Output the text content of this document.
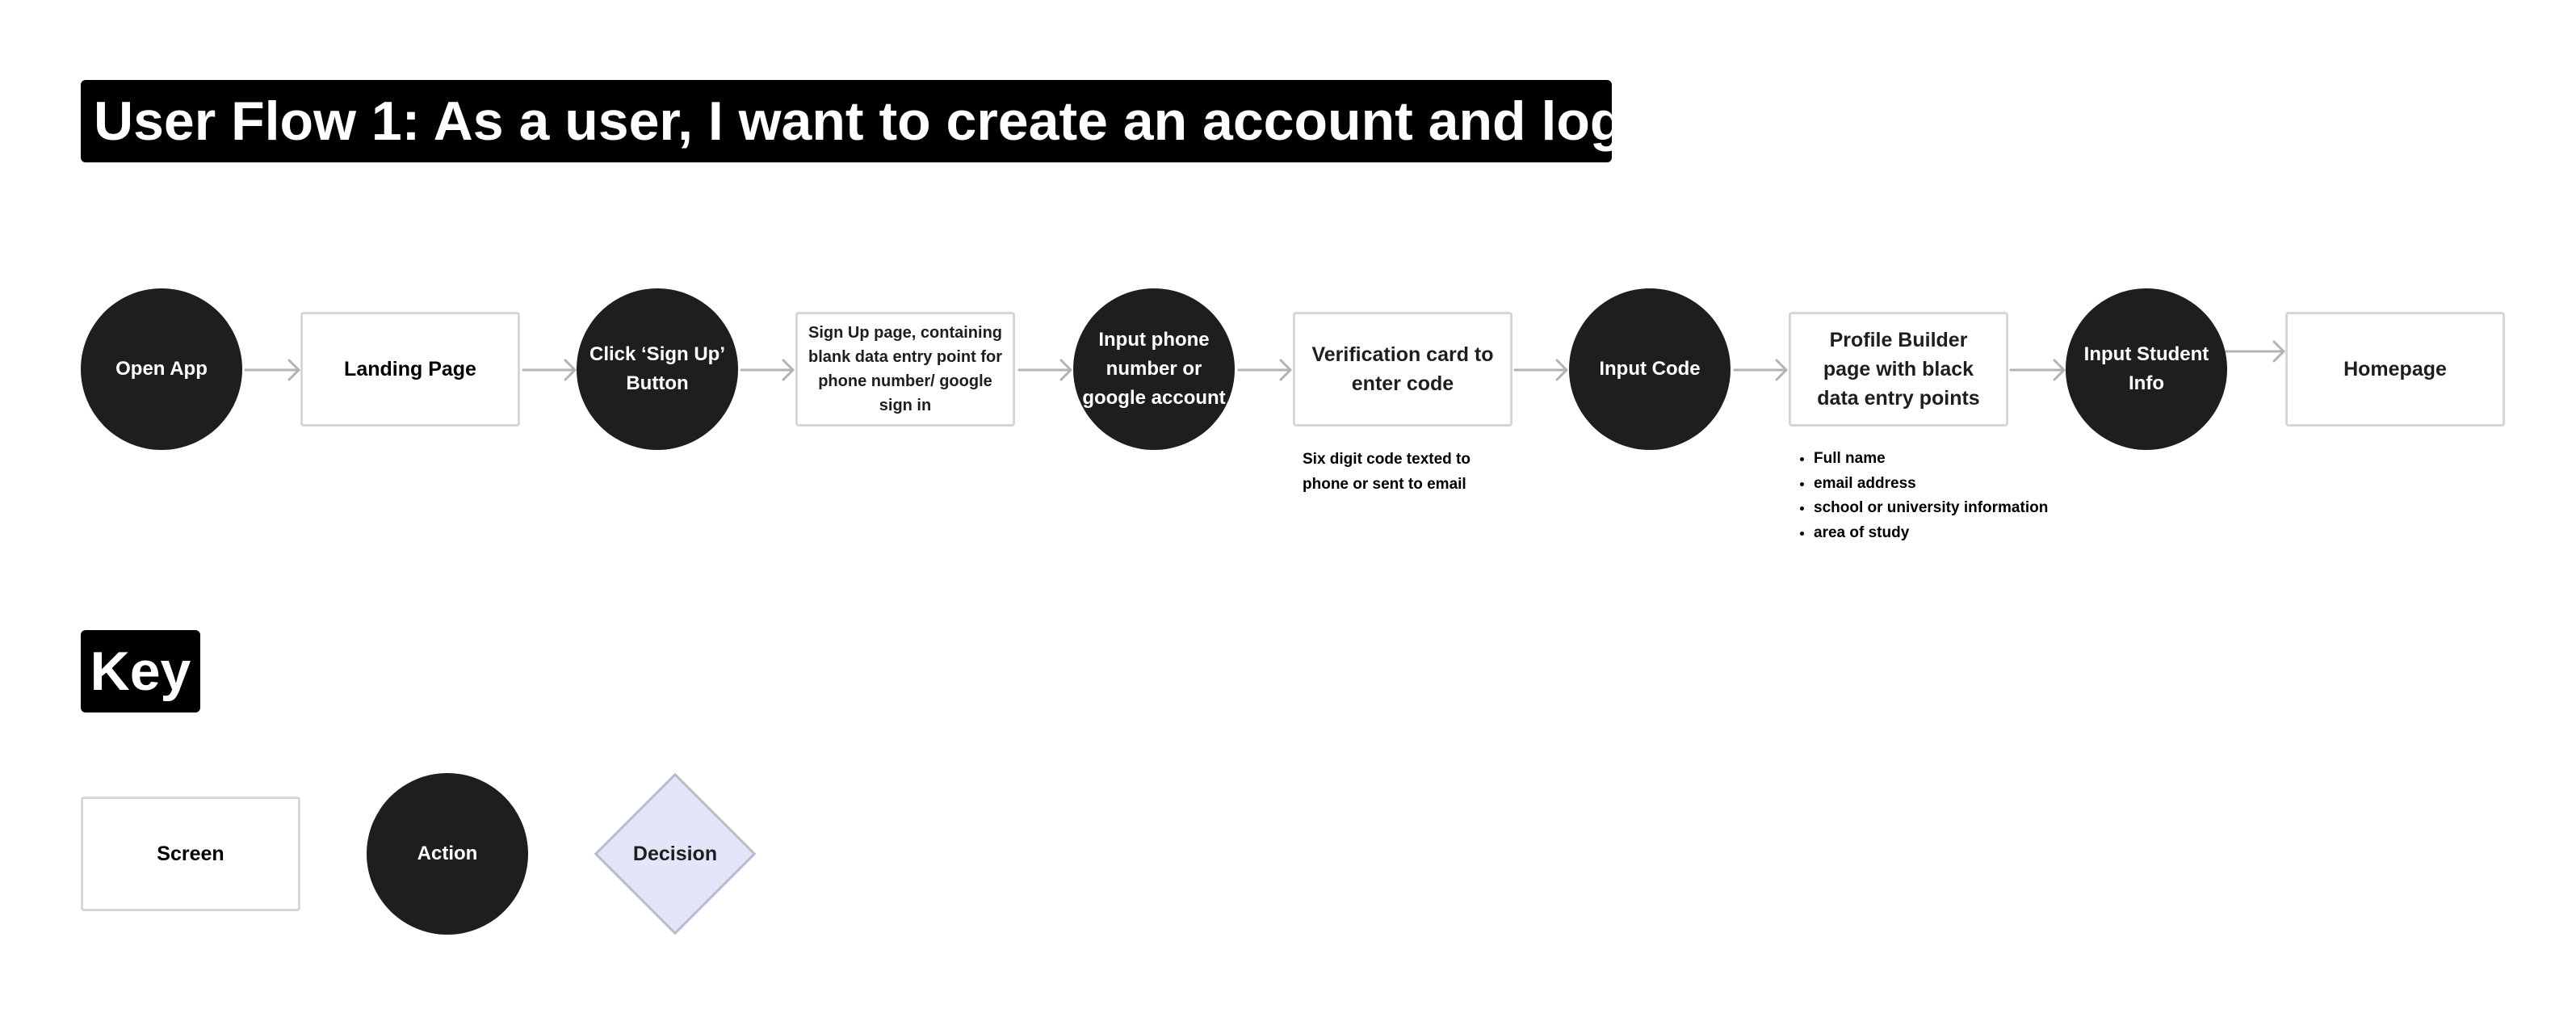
User Flow 1: As a user, I want to create an account and log in
Open App	Landing Page
Click ‘Sign Up’ Button
Sign Up page, containing blank data entry point for phone number/ google sign in
Input phone number or google account
Verification card to enter code
Input Code
Profile Builder page with black data entry points
Input Student Info
Homepage
Six digit code texted to phone or sent to email
• Full name
• email address
• school or university information
• area of study
Key
Screen	Action	Decision
